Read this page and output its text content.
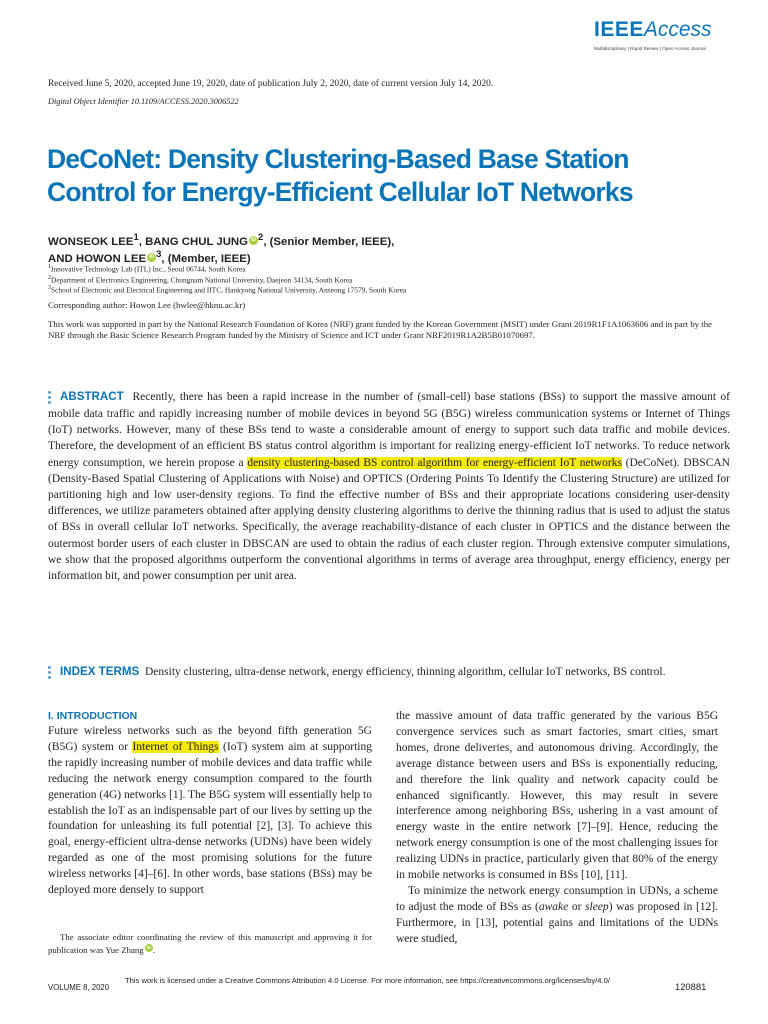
IEEEAccess
Multidisciplinary | Rapid Review | Open Access Journal
Received June 5, 2020, accepted June 19, 2020, date of publication July 2, 2020, date of current version July 14, 2020.
Digital Object Identifier 10.1109/ACCESS.2020.3006522
DeCoNet: Density Clustering-Based Base Station Control for Energy-Efficient Cellular IoT Networks
WONSEOK LEE$^1$, BANG CHUL JUNG iD $^2$, (Senior Member, IEEE),
AND HOWON LEE iD $^3$, (Member, IEEE)
$^1$Innovative Technology Lab (ITL) Inc., Seoul 06744, South Korea
$^2$Department of Electronics Engineering, Chungnam National University, Daejeon 34134, South Korea
$^3$School of Electronic and Electrical Engineering and IITC, Hankyong National University, Anseong 17579, South Korea
Corresponding author: Howon Lee (hwlee@hknu.ac.kr)
This work was supported in part by the National Research Foundation of Korea (NRF) grant funded by the Korean Government (MSIT) under Grant 2019R1F1A1063606 and in part by the NRF through the Basic Science Research Program funded by the Ministry of Science and ICT under Grant NRF2019R1A2B5B01070697.
ABSTRACT Recently, there has been a rapid increase in the number of (small-cell) base stations (BSs) to support the massive amount of mobile data traffic and rapidly increasing number of mobile devices in beyond 5G (B5G) wireless communication systems or Internet of Things (IoT) networks. However, many of these BSs tend to waste a considerable amount of energy to support such data traffic and mobile devices. Therefore, the development of an efficient BS status control algorithm is important for realizing energy-efficient IoT networks. To reduce network energy consumption, we herein propose a density clustering-based BS control algorithm for energy-efficient IoT networks (DeCoNet). DBSCAN (Density-Based Spatial Clustering of Applications with Noise) and OPTICS (Ordering Points To Identify the Clustering Structure) are utilized for partitioning high and low user-density regions. To find the effective number of BSs and their appropriate locations considering user-density differences, we utilize parameters obtained after applying density clustering algorithms to derive the thinning radius that is used to adjust the status of BSs in overall cellular IoT networks. Specifically, the average reachability-distance of each cluster in OPTICS and the distance between the outermost border users of each cluster in DBSCAN are used to obtain the radius of each cluster region. Through extensive computer simulations, we show that the proposed algorithms outperform the conventional algorithms in terms of average area throughput, energy efficiency, energy per information bit, and power consumption per unit area.
INDEX TERMS Density clustering, ultra-dense network, energy efficiency, thinning algorithm, cellular IoT networks, BS control.
I. INTRODUCTION

Future wireless networks such as the beyond fifth generation 5G (B5G) system or Internet of Things (IoT) system aim at supporting the rapidly increasing number of mobile devices and data traffic while reducing the network energy consumption compared to the fourth generation (4G) networks [1]. The B5G system will essentially help to establish the IoT as an indispensable part of our lives by setting up the foundation for unleashing its full potential [2], [3]. To achieve this goal, energy-efficient ultra-dense networks (UDNs) have been widely regarded as one of the most promising solutions for the future wireless networks [4]–[6]. In other words, base stations (BSs) may be deployed more densely to support

The associate editor coordinating the review of this manuscript and approving it for publication was Yue Zhang iD .

the massive amount of data traffic generated by the various B5G convergence services such as smart factories, smart cities, smart homes, drone deliveries, and autonomous driving. Accordingly, the average distance between users and BSs is exponentially reducing, and therefore the link quality and network capacity could be enhanced significantly. However, this may result in severe interference among neighboring BSs, ushering in a vast amount of energy waste in the entire network [7]–[9]. Hence, reducing the network energy consumption is one of the most challenging issues for realizing UDNs in practice, particularly given that 80% of the energy in mobile networks is consumed in BSs [10], [11].

To minimize the network energy consumption in UDNs, a scheme to adjust the mode of BSs as (awake or sleep) was proposed in [12]. Furthermore, in [13], potential gains and limitations of the UDNs were studied,

VOLUME 8, 2020
This work is licensed under a Creative Commons Attribution 4.0 License. For more information, see https://creativecommons.org/licenses/by/4.0/
120881
